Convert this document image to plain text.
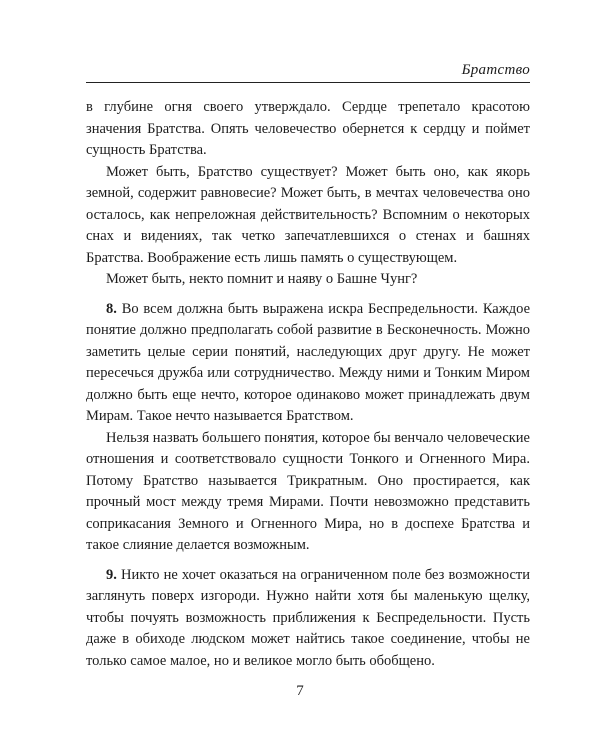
Братство

в глубине огня своего утверждало. Сердце трепетало красотою значения Братства. Опять человечество обернется к сердцу и поймет сущность Братства.

Может быть, Братство существует? Может быть оно, как якорь земной, содержит равновесие? Может быть, в мечтах человечества оно осталось, как непреложная действительность? Вспомним о некоторых снах и видениях, так четко запечатлевшихся о стенах и башнях Братства. Воображение есть лишь память о существующем.

Может быть, некто помнит и наяву о Башне Чунг?

8. Во всем должна быть выражена искра Беспредельности. Каждое понятие должно предполагать собой развитие в Бесконечность. Можно заметить целые серии понятий, наследующих друг другу. Не может пересечься дружба или сотрудничество. Между ними и Тонким Миром должно быть еще нечто, которое одинаково может принадлежать двум Мирам. Такое нечто называется Братством.

Нельзя назвать большего понятия, которое бы венчало человеческие отношения и соответствовало сущности Тонкого и Огненного Мира. Потому Братство называется Трикратным. Оно простирается, как прочный мост между тремя Мирами. Почти невозможно представить соприкасания Земного и Огненного Мира, но в доспехе Братства и такое слияние делается возможным.

9. Никто не хочет оказаться на ограниченном поле без возможности заглянуть поверх изгороди. Нужно найти хотя бы маленькую щелку, чтобы почуять возможность приближения к Беспредельности. Пусть даже в обиходе людском может найтись такое соединение, чтобы не только самое малое, но и великое могло быть обобщено.

7
